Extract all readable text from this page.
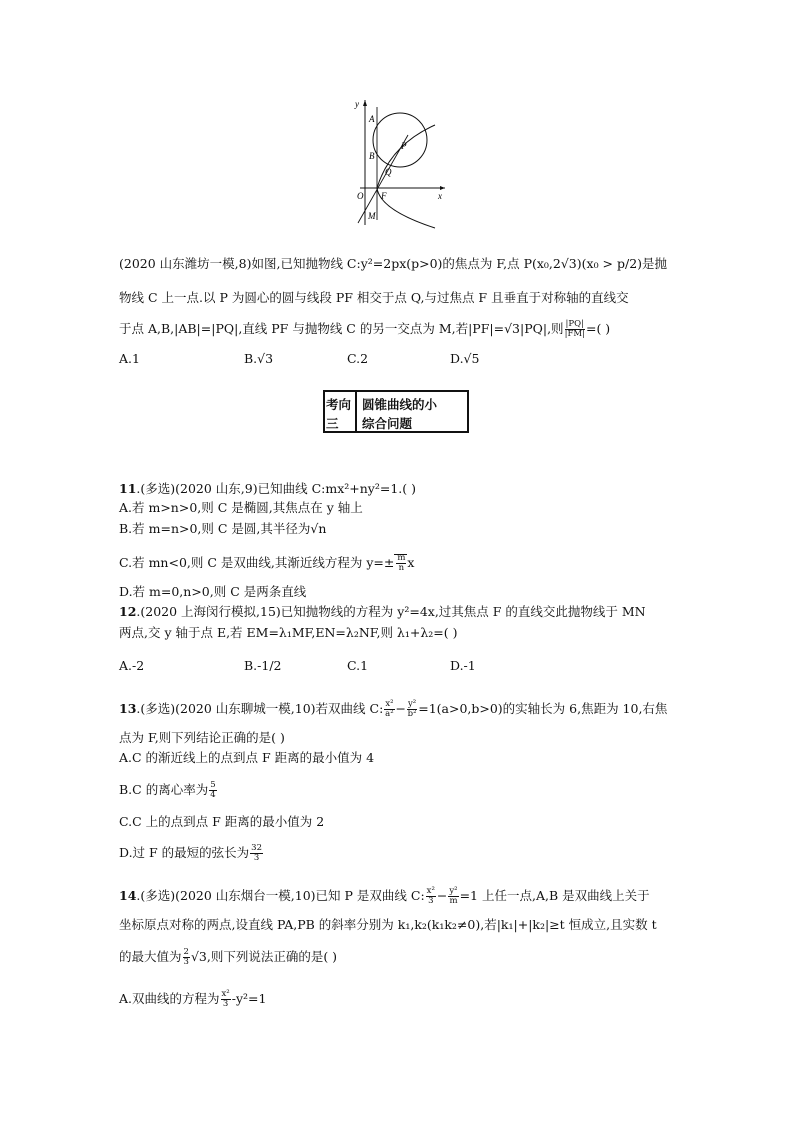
y
x
A
B
P
Q
O F
M
(2020 山东潍坊一模,8)如图,已知抛物线 C:y²=2px(p>0)的焦点为 F,点 P(x₀,2√3)(x₀ > p/2)是抛
物线 C 上一点.以 P 为圆心的圆与线段 PF 相交于点 Q,与过焦点 F 且垂直于对称轴的直线交
于点 A,B,|AB|=|PQ|,直线 PF 与抛物线 C 的另一交点为 M,若|PF|=√3|PQ|,则 $\frac{|PQ|}{|FM|}$ =( )
A.1	B.√3	C.2	D.√5
考向
三
圆锥曲线的小
综合问题
11.(多选)(2020 山东,9)已知曲线 C:mx²+ny²=1.( )
A.若 m>n>0,则 C 是椭圆,其焦点在 y 轴上
B.若 m=n>0,则 C 是圆,其半径为√n
C.若 mn<0,则 C 是双曲线,其渐近线方程为 $y=\pm \frac{m}{n}$ x
D.若 m=0,n>0,则 C 是两条直线
12.(2020 上海闵行模拟,15)已知抛物线的方程为 y²=4x,过其焦点 F 的直线交此抛物线于 MN
两点,交 y 轴于点 E,若 EM=λ₁MF,EN=λ₂NF,则 λ₁+λ₂=( )
A.-2	B.-1/2	C.1	D.-1
13.(多选)(2020 山东聊城一模,10)若双曲线 C: $\frac{\text{x²}}{\text{a²}} - \frac{\text{y²}}{\text{b²}} =1(a>0,b>0)$的实轴长为 6,焦距为 10,右焦
点为 F,则下列结论正确的是( )
A.C 的渐近线上的点到点 F 距离的最小值为 4
B.C 的离心率为 $\frac{5}{4}$
C.C 上的点到点 F 距离的最小值为 2
D.过 F 的最短的弦长为 $\frac{32}{3}$
14.(多选)(2020 山东烟台一模,10)已知 P 是双曲线 C: $\frac{\text{x²}}{3} - \frac{\text{y²}}{m} =1$ 上任一点,A,B 是双曲线上关于
坐标原点对称的两点,设直线 PA,PB 的斜率分别为 k₁,k₂(k₁k₂≠0),若|k₁|+|k₂|≥t 恒成立,且实数 t
的最大值为 $\frac{2}{3} √3$,则下列说法正确的是( )
A.双曲线的方程为 $\frac{\text{x²}}{3} -y^2=1$
